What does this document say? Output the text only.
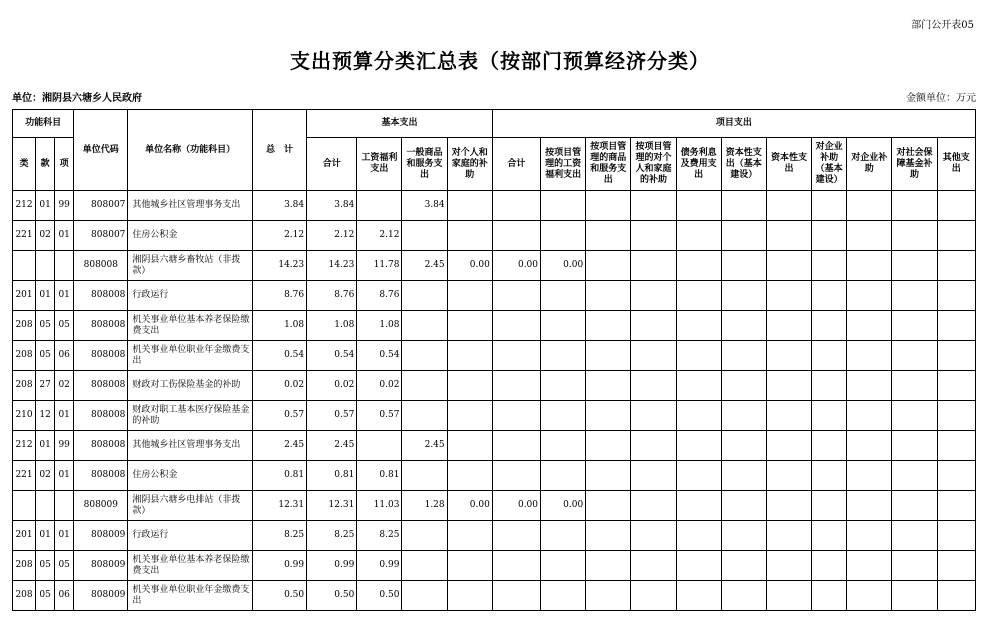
部门公开表05
支出预算分类汇总表（按部门预算经济分类）
单位：湘阴县六塘乡人民政府	金额单位：万元
功能科目			单位代码	单位名称（功能科目）	总　计	基本支出				项目支出										
类	款	项				合计	工资福利支出	一般商品和服务支出	对个人和家庭的补助	合计	按项目管理的工资福利支出	按项目管理的商品和服务支出	按项目管理的对个人和家庭的补助	债务利息及费用支出	资本性支出（基本建设）	资本性支出	对企业补助（基本建设）	对企业补助	对社会保障基金补助	其他支出
212	01	99	808007	其他城乡社区管理事务支出	3.84	3.84		3.84												
221	02	01	808007	住房公积金	2.12	2.12	2.12													
			808008	湘阴县六塘乡畜牧站（非拨款）	14.23	14.23	11.78	2.45	0.00	0.00	0.00									
201	01	01	808008	行政运行	8.76	8.76	8.76													
208	05	05	808008	机关事业单位基本养老保险缴费支出	1.08	1.08	1.08													
208	05	06	808008	机关事业单位职业年金缴费支出	0.54	0.54	0.54													
208	27	02	808008	财政对工伤保险基金的补助	0.02	0.02	0.02													
210	12	01	808008	财政对职工基本医疗保险基金的补助	0.57	0.57	0.57													
212	01	99	808008	其他城乡社区管理事务支出	2.45	2.45		2.45												
221	02	01	808008	住房公积金	0.81	0.81	0.81													
			808009	湘阴县六塘乡电排站（非拨款）	12.31	12.31	11.03	1.28	0.00	0.00	0.00									
201	01	01	808009	行政运行	8.25	8.25	8.25													
208	05	05	808009	机关事业单位基本养老保险缴费支出	0.99	0.99	0.99													
208	05	06	808009	机关事业单位职业年金缴费支出	0.50	0.50	0.50													
